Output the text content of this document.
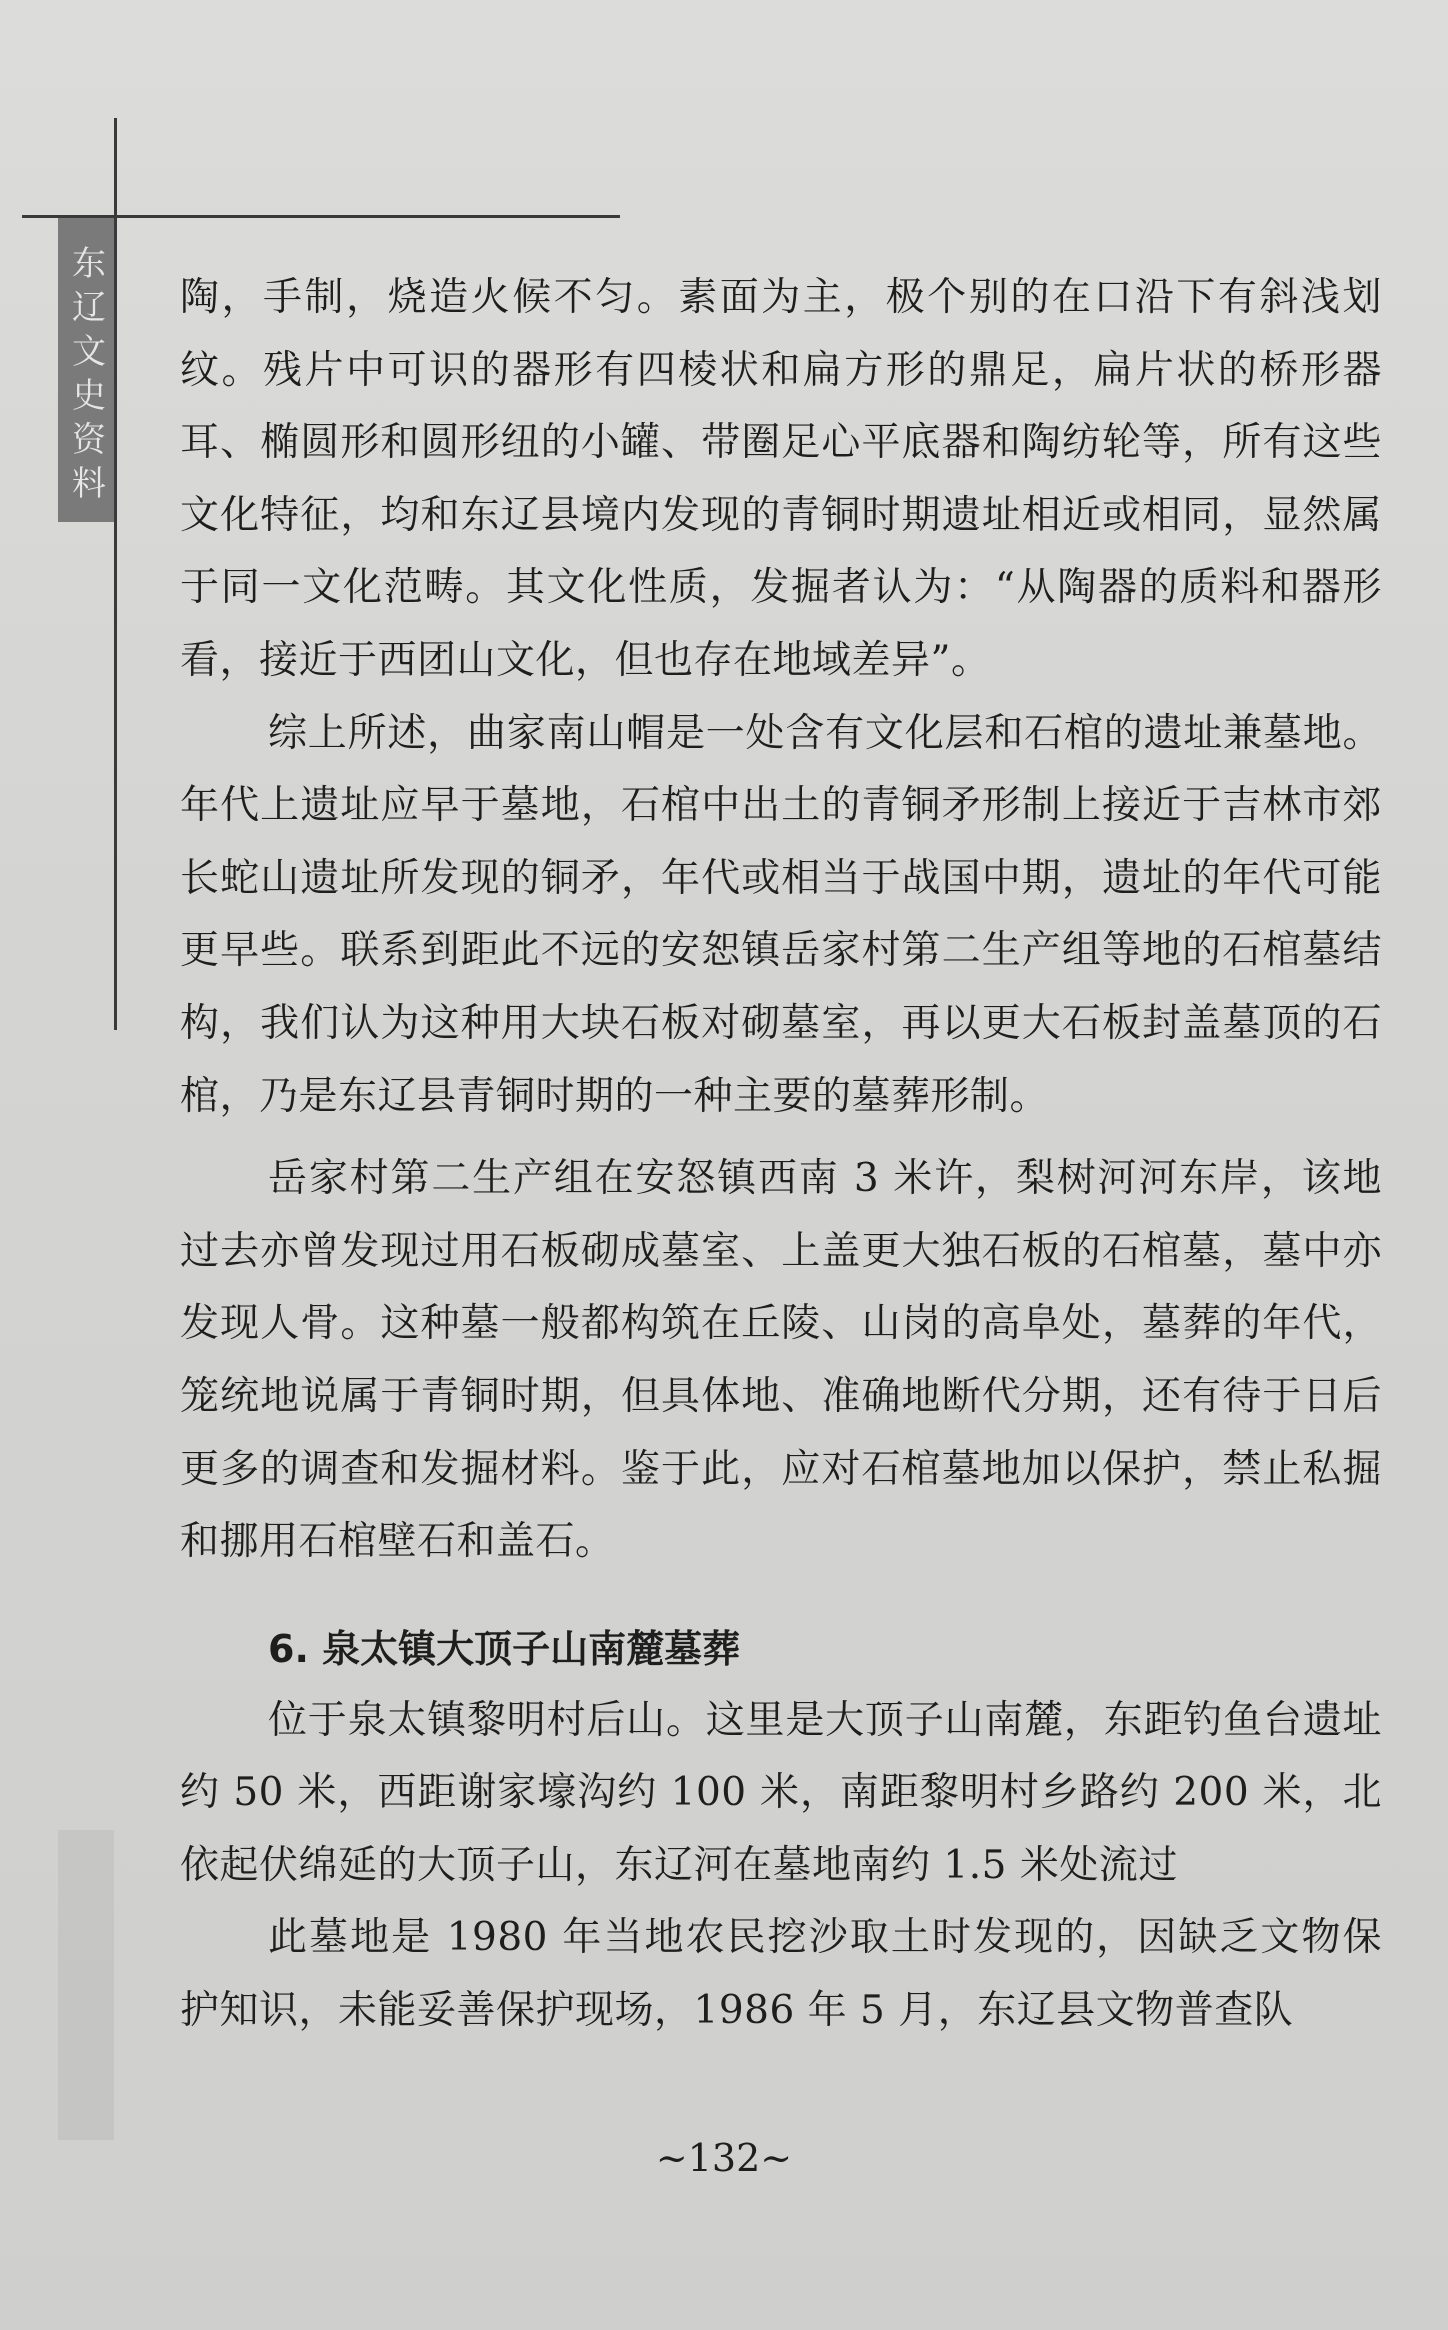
东辽文史资料 陶，手制，烧造火候不匀。素面为主，极个别的在口沿下有斜浅划纹。残片中可识的器形有四棱状和扁方形的鼎足，扁片状的桥形器耳、椭圆形和圆形纽的小罐、带圈足心平底器和陶纺轮等，所有这些文化特征，均和东辽县境内发现的青铜时期遗址相近或相同，显然属于同一文化范畴。其文化性质，发掘者认为：“从陶器的质料和器形看，接近于西团山文化，但也存在地域差异”。

综上所述，曲家南山帽是一处含有文化层和石棺的遗址兼墓地。年代上遗址应早于墓地，石棺中出土的青铜矛形制上接近于吉林市郊长蛇山遗址所发现的铜矛，年代或相当于战国中期，遗址的年代可能更早些。联系到距此不远的安恕镇岳家村第二生产组等地的石棺墓结构，我们认为这种用大块石板对砌墓室，再以更大石板封盖墓顶的石棺，乃是东辽县青铜时期的一种主要的墓葬形制。

岳家村第二生产组在安怒镇西南 3 米许，梨树河河东岸，该地过去亦曾发现过用石板砌成墓室、上盖更大独石板的石棺墓，墓中亦发现人骨。这种墓一般都构筑在丘陵、山岗的高阜处，墓葬的年代，笼统地说属于青铜时期，但具体地、准确地断代分期，还有待于日后更多的调查和发掘材料。鉴于此，应对石棺墓地加以保护，禁止私掘和挪用石棺壁石和盖石。

6. 泉太镇大顶子山南麓墓葬

位于泉太镇黎明村后山。这里是大顶子山南麓，东距钓鱼台遗址约 50 米，西距谢家壕沟约 100 米，南距黎明村乡路约 200 米，北依起伏绵延的大顶子山，东辽河在墓地南约 1.5 米处流过

此墓地是 1980 年当地农民挖沙取土时发现的，因缺乏文物保护知识，未能妥善保护现场，1986 年 5 月，东辽县文物普查队

~132~
